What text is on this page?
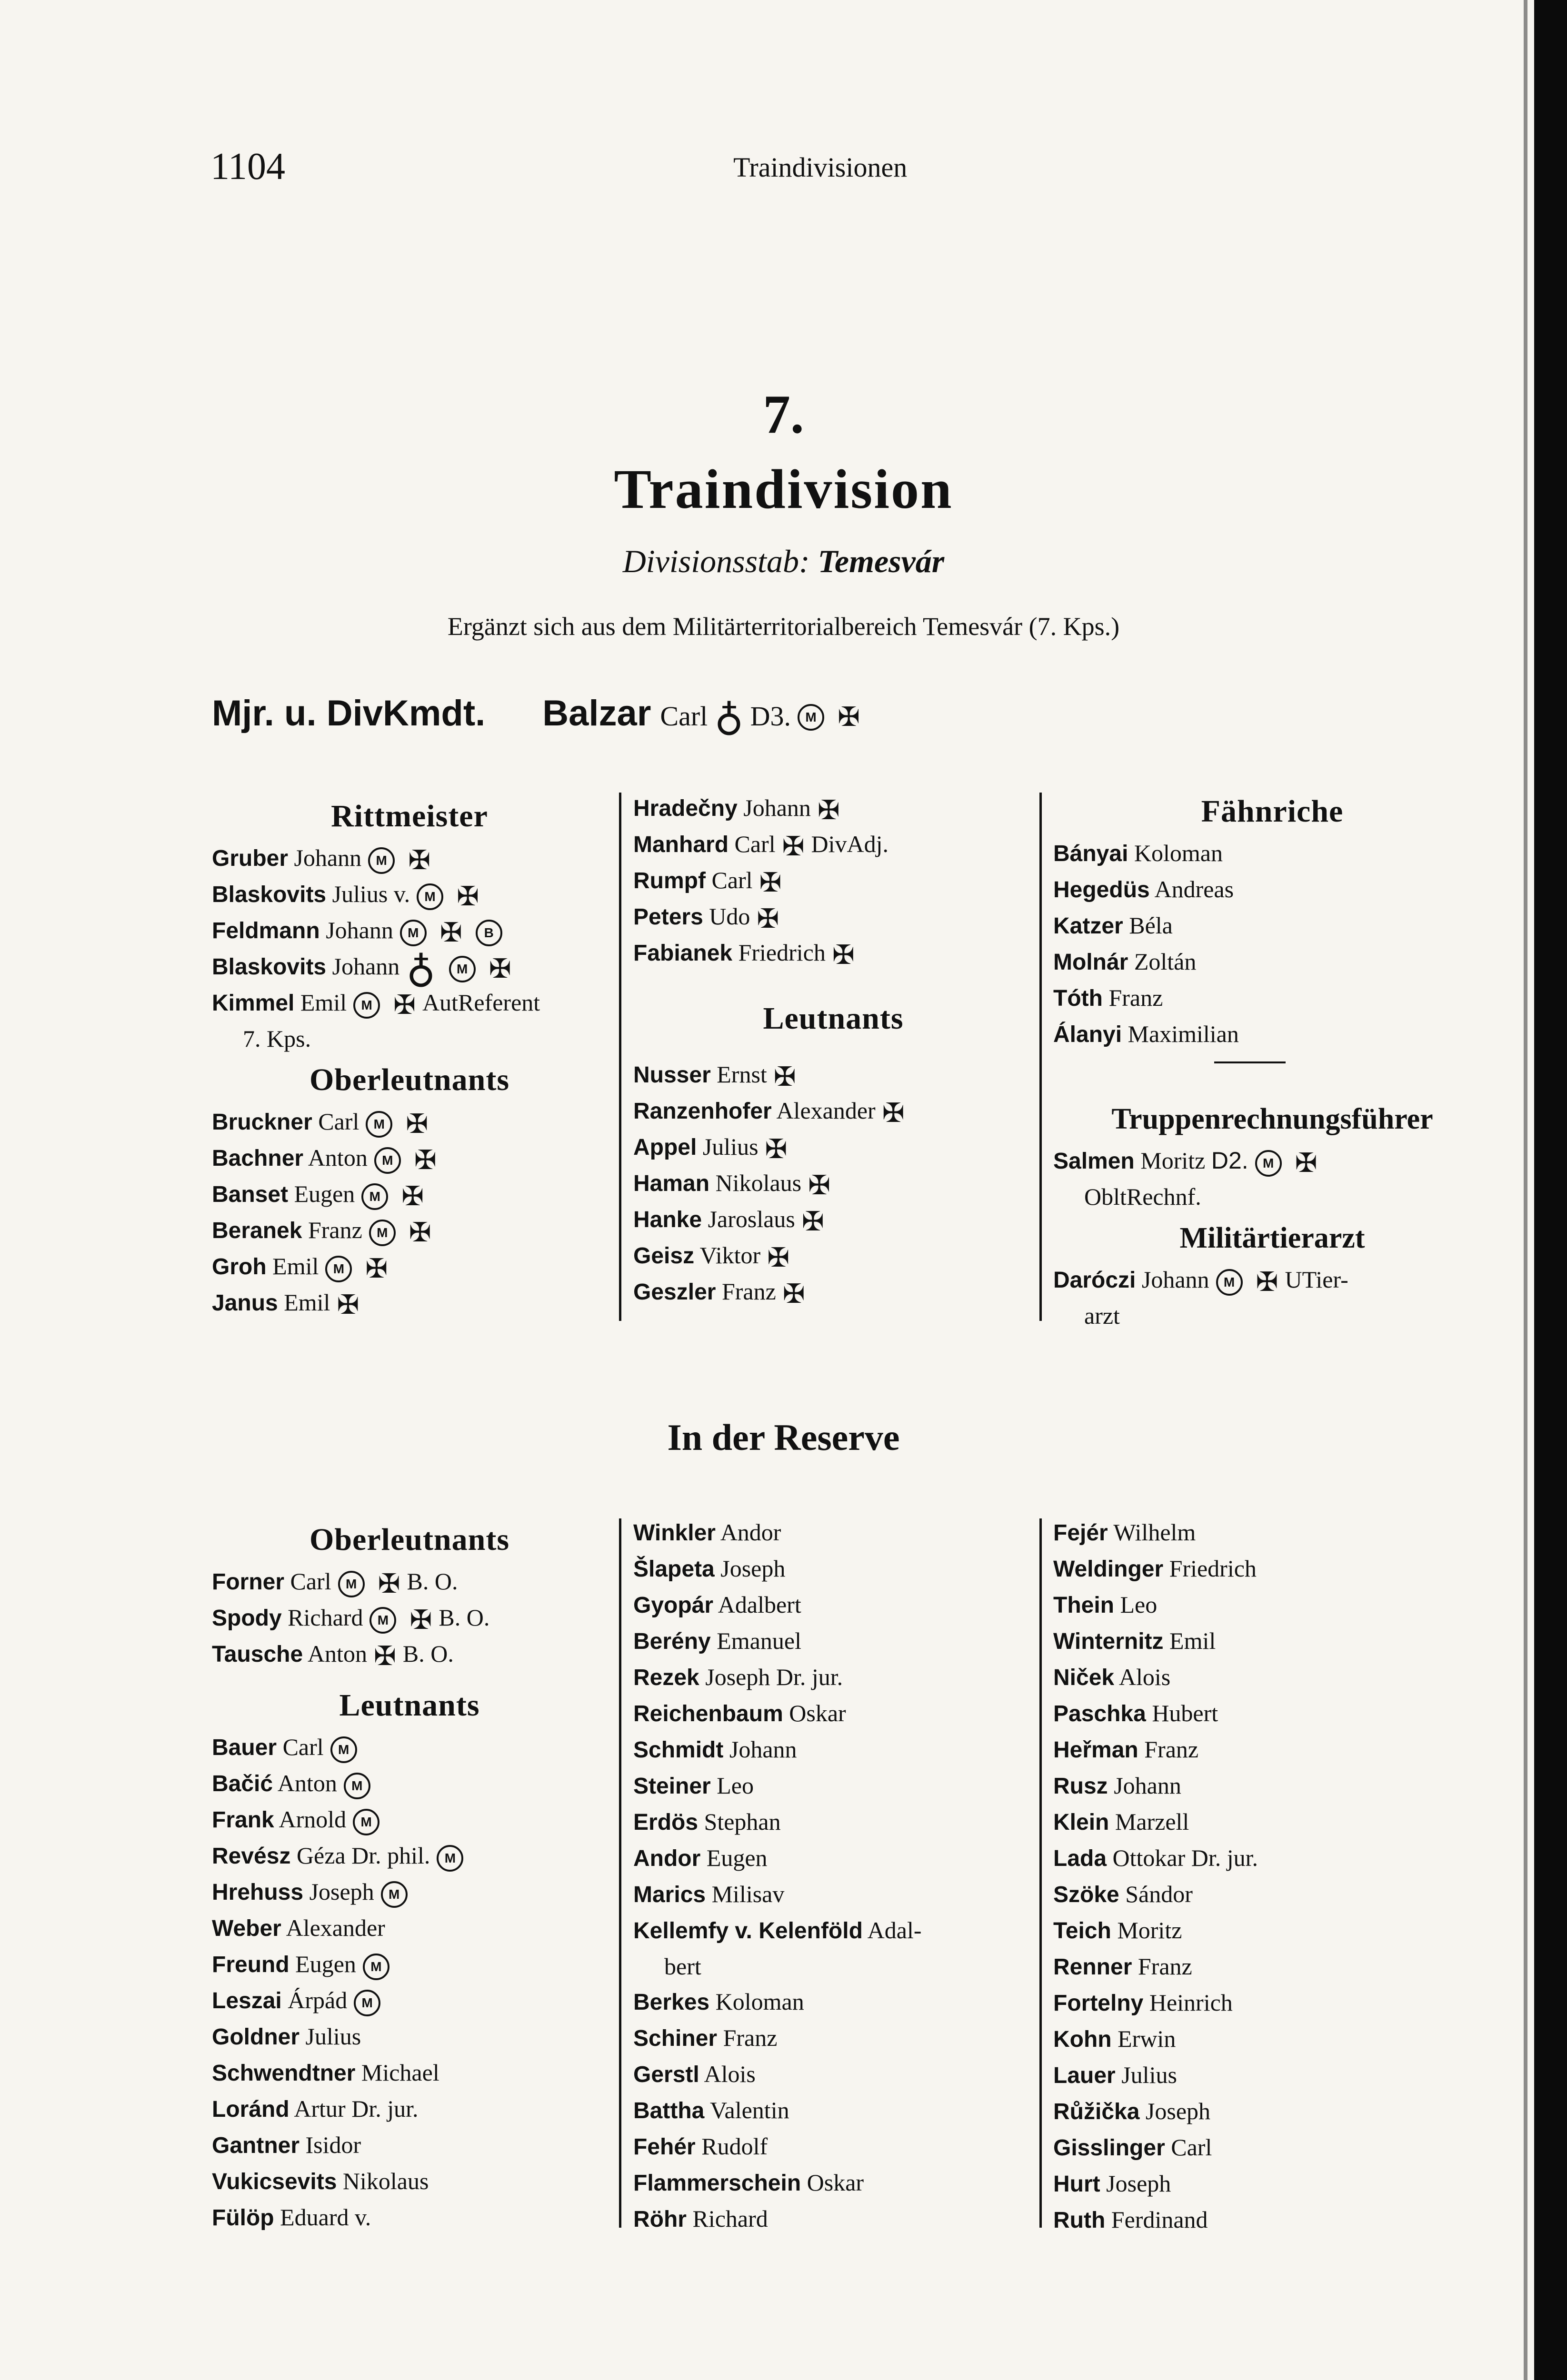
1104	Traindivisionen
7.
Traindivision
Divisionsstab: Temesvár
Ergänzt sich aus dem Militärterritorialbereich Temesvár (7. Kps.)
Mjr. u. DivKmdt. Balzar Carl ♁ D3. M ✠
Rittmeister
Gruber Johann M ✠
Blaskovits Julius v. M ✠
Feldmann Johann M ✠ B
Blaskovits Johann ♁ M ✠
Kimmel Emil M ✠ AutReferent
7. Kps.
Oberleutnants
Bruckner Carl M ✠
Bachner Anton M ✠
Banset Eugen M ✠
Beranek Franz M ✠
Groh Emil M ✠
Janus Emil ✠
Hradečny Johann ✠
Manhard Carl ✠ DivAdj.
Rumpf Carl ✠
Peters Udo ✠
Fabianek Friedrich ✠
Leutnants
Nusser Ernst ✠
Ranzenhofer Alexander ✠
Appel Julius ✠
Haman Nikolaus ✠
Hanke Jaroslaus ✠
Geisz Viktor ✠
Geszler Franz ✠
Fähnriche
Bányai Koloman
Hegedüs Andreas
Katzer Béla
Molnár Zoltán
Tóth Franz
Álanyi Maximilian
Truppenrechnungsführer
Salmen Moritz D2. M ✠
ObltRechnf.
Militärtierarzt
Daróczi Johann M ✠ UTier-
arzt
In der Reserve
Oberleutnants
Forner Carl M ✠ B. O.
Spody Richard M ✠ B. O.
Tausche Anton ✠ B. O.
Leutnants
Bauer Carl M
Bačić Anton M
Frank Arnold M
Revész Géza Dr. phil. M
Hrehuss Joseph M
Weber Alexander
Freund Eugen M
Leszai Árpád M
Goldner Julius
Schwendtner Michael
Loránd Artur Dr. jur.
Gantner Isidor
Vukicsevits Nikolaus
Fülöp Eduard v.
Winkler Andor
Šlapeta Joseph
Gyopár Adalbert
Berény Emanuel
Rezek Joseph Dr. jur.
Reichenbaum Oskar
Schmidt Johann
Steiner Leo
Erdös Stephan
Andor Eugen
Marics Milisav
Kellemfy v. Kelenföld Adal-
bert
Berkes Koloman
Schiner Franz
Gerstl Alois
Battha Valentin
Fehér Rudolf
Flammerschein Oskar
Röhr Richard
Fejér Wilhelm
Weldinger Friedrich
Thein Leo
Winternitz Emil
Niček Alois
Paschka Hubert
Heřman Franz
Rusz Johann
Klein Marzell
Lada Ottokar Dr. jur.
Szöke Sándor
Teich Moritz
Renner Franz
Fortelny Heinrich
Kohn Erwin
Lauer Julius
Růžička Joseph
Gisslinger Carl
Hurt Joseph
Ruth Ferdinand
